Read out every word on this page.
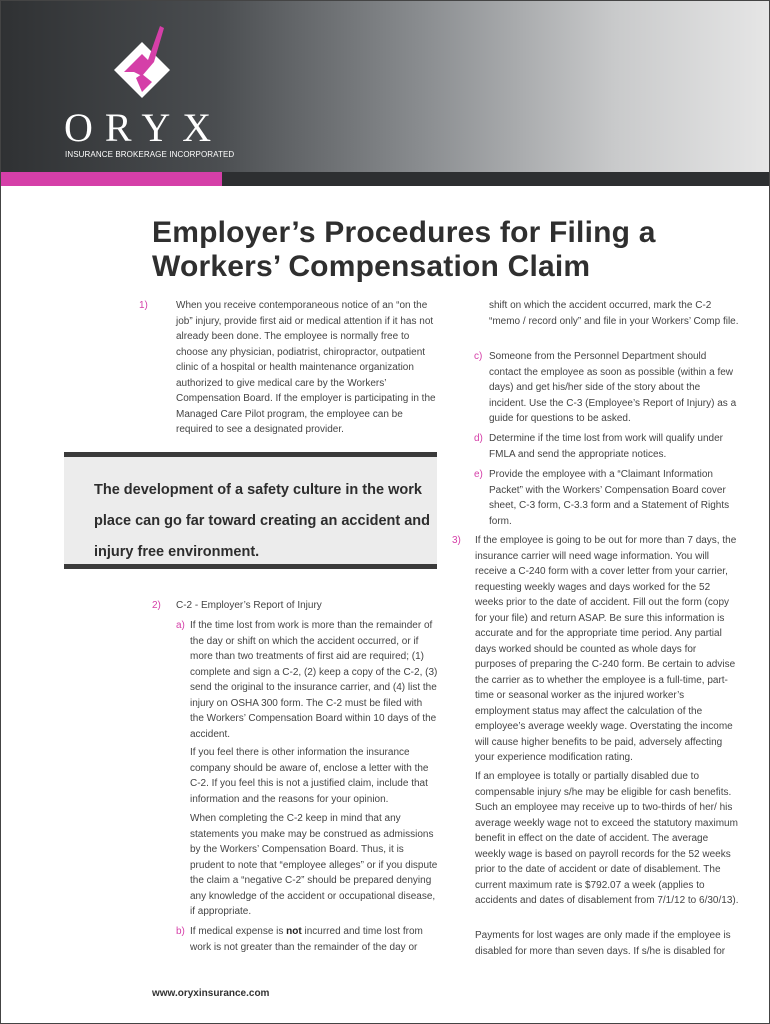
ORYX
INSURANCE BROKERAGE INCORPORATED
Employer’s Procedures for Filing a Workers’ Compensation Claim
1)	When you receive contemporaneous notice of an “on the job” injury, provide first aid or medical attention if it has not already been done. The employee is normally free to choose any physician, podiatrist, chiropractor, outpatient clinic of a hospital or health maintenance organization authorized to give medical care by the Workers’ Compensation Board. If the employer is participating in the Managed Care Pilot program, the employee can be required to see a designated provider.

The development of a safety culture in the work place can go far toward creating an accident and injury free environment.

2) C-2 - Employer’s Report of Injury
a) If the time lost from work is more than the remainder of the day or shift on which the accident occurred, or if more than two treatments of first aid are required; (1) complete and sign a C-2, (2) keep a copy of the C-2, (3) send the original to the insurance carrier, and (4) list the injury on OSHA 300 form. The C-2 must be filed with the Workers’ Compensation Board within 10 days of the accident.

If you feel there is other information the insurance company should be aware of, enclose a letter with the C-2. If you feel this is not a justified claim, include that information and the reasons for your opinion.

When completing the C-2 keep in mind that any statements you make may be construed as admissions by the Workers’ Compensation Board. Thus, it is prudent to note that “employee alleges” or if you dispute the claim a “negative C-2” should be prepared denying any knowledge of the accident or occupational disease, if appropriate.

b) If medical expense is not incurred and time lost from work is not greater than the remainder of the day or

shift on which the accident occurred, mark the C-2 “memo / record only” and file in your Workers’ Comp file.

c) Someone from the Personnel Department should contact the employee as soon as possible (within a few days) and get his/her side of the story about the incident. Use the C-3 (Employee’s Report of Injury) as a guide for questions to be asked.

d) Determine if the time lost from work will qualify under FMLA and send the appropriate notices.

e) Provide the employee with a “Claimant Information Packet” with the Workers’ Compensation Board cover sheet, C-3 form, C-3.3 form and a Statement of Rights form.

3) If the employee is going to be out for more than 7 days, the insurance carrier will need wage information. You will receive a C-240 form with a cover letter from your carrier, requesting weekly wages and days worked for the 52 weeks prior to the date of accident. Fill out the form (copy for your file) and return ASAP. Be sure this information is accurate and for the appropriate time period. Any partial days worked should be counted as whole days for purposes of preparing the C-240 form. Be certain to advise the carrier as to whether the employee is a full-time, part-time or seasonal worker as the injured worker’s employment status may affect the calculation of the employee’s average weekly wage. Overstating the income will cause higher benefits to be paid, adversely affecting your experience modification rating.

If an employee is totally or partially disabled due to compensable injury s/he may be eligible for cash benefits. Such an employee may receive up to two-thirds of her/ his average weekly wage not to exceed the statutory maximum benefit in effect on the date of accident. The average weekly wage is based on payroll records for the 52 weeks prior to the date of accident or date of disablement. The current maximum rate is $792.07 a week (applies to accidents and dates of disablement from 7/1/12 to 6/30/13).

Payments for lost wages are only made if the employee is disabled for more than seven days. If s/he is disabled for

www.oryxinsurance.com
